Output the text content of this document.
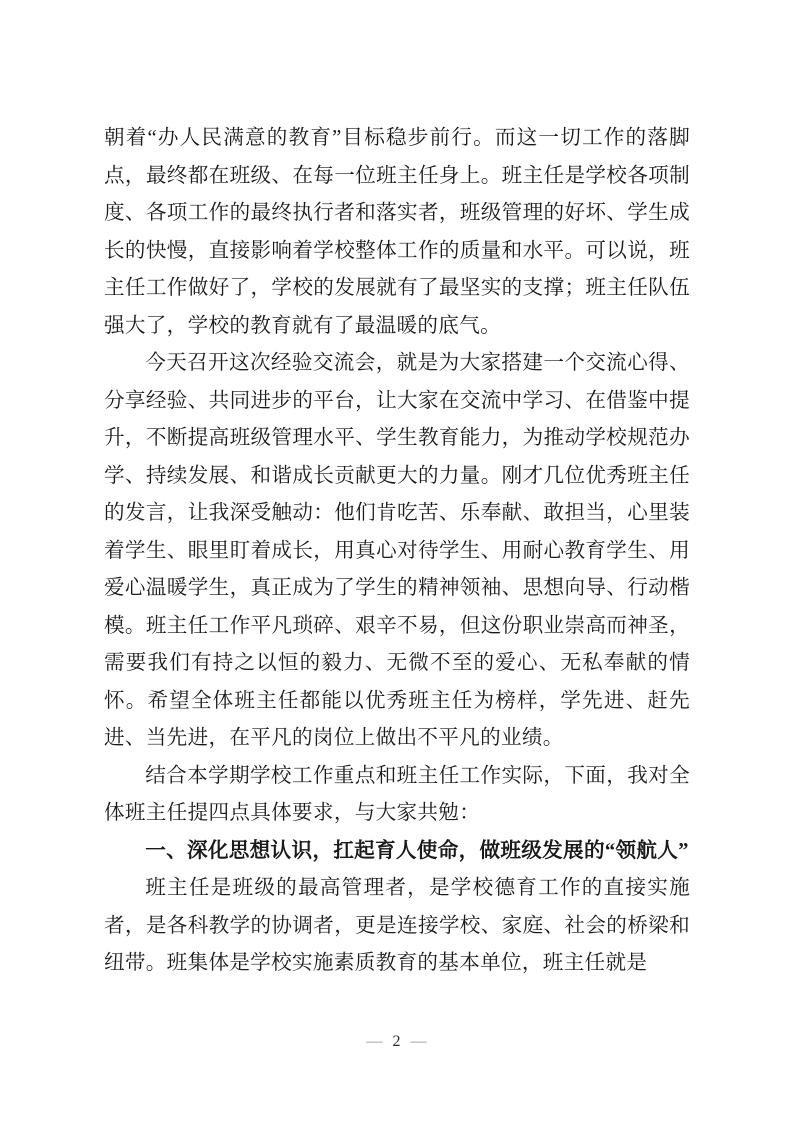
朝着“办人民满意的教育”目标稳步前行。而这一切工作的落脚点，最终都在班级、在每一位班主任身上。班主任是学校各项制度、各项工作的最终执行者和落实者，班级管理的好坏、学生成长的快慢，直接影响着学校整体工作的质量和水平。可以说，班主任工作做好了，学校的发展就有了最坚实的支撑；班主任队伍强大了，学校的教育就有了最温暖的底气。

今天召开这次经验交流会，就是为大家搭建一个交流心得、分享经验、共同进步的平台，让大家在交流中学习、在借鉴中提升，不断提高班级管理水平、学生教育能力，为推动学校规范办学、持续发展、和谐成长贡献更大的力量。刚才几位优秀班主任的发言，让我深受触动：他们肯吃苦、乐奉献、敢担当，心里装着学生、眼里盯着成长，用真心对待学生、用耐心教育学生、用爱心温暖学生，真正成为了学生的精神领袖、思想向导、行动楷模。班主任工作平凡琐碎、艰辛不易，但这份职业崇高而神圣，需要我们有持之以恒的毅力、无微不至的爱心、无私奉献的情怀。希望全体班主任都能以优秀班主任为榜样，学先进、赶先进、当先进，在平凡的岗位上做出不平凡的业绩。

结合本学期学校工作重点和班主任工作实际，下面，我对全体班主任提四点具体要求，与大家共勉：

一、深化思想认识，扛起育人使命，做班级发展的“领航人”

班主任是班级的最高管理者，是学校德育工作的直接实施者，是各科教学的协调者，更是连接学校、家庭、社会的桥梁和纽带。班集体是学校实施素质教育的基本单位，班主任就是

— 2 —
